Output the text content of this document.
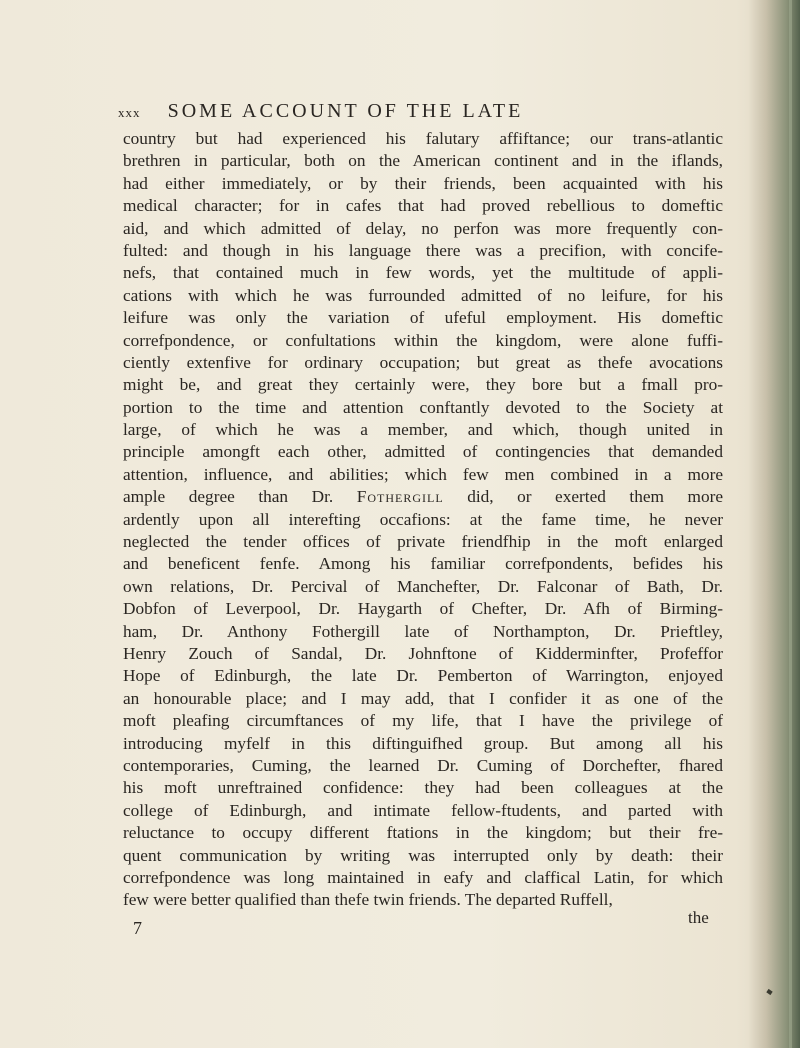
xxx SOME ACCOUNT OF THE LATE
country but had experienced his falutary affiftance; our trans-atlantic
brethren in particular, both on the American continent and in the iflands,
had either immediately, or by their friends, been acquainted with his
medical character; for in cafes that had proved rebellious to domeftic
aid, and which admitted of delay, no perfon was more frequently con-
fulted: and though in his language there was a precifion, with concife-
nefs, that contained much in few words, yet the multitude of appli-
cations with which he was furrounded admitted of no leifure, for his
leifure was only the variation of ufeful employment. His domeftic
correfpondence, or confultations within the kingdom, were alone fuffi-
ciently extenfive for ordinary occupation; but great as thefe avocations
might be, and great they certainly were, they bore but a fmall pro-
portion to the time and attention conftantly devoted to the Society at
large, of which he was a member, and which, though united in
principle amongft each other, admitted of contingencies that demanded
attention, influence, and abilities; which few men combined in a more
ample degree than Dr. Fothergill did, or exerted them more
ardently upon all interefting occafions: at the fame time, he never
neglected the tender offices of private friendfhip in the moft enlarged
and beneficent fenfe. Among his familiar correfpondents, befides his
own relations, Dr. Percival of Manchefter, Dr. Falconar of Bath, Dr.
Dobfon of Leverpool, Dr. Haygarth of Chefter, Dr. Afh of Birming-
ham, Dr. Anthony Fothergill late of Northampton, Dr. Prieftley,
Henry Zouch of Sandal, Dr. Johnftone of Kidderminfter, Profeffor
Hope of Edinburgh, the late Dr. Pemberton of Warrington, enjoyed
an honourable place; and I may add, that I confider it as one of the
moft pleafing circumftances of my life, that I have the privilege of
introducing myfelf in this diftinguifhed group. But among all his
contemporaries, Cuming, the learned Dr. Cuming of Dorchefter, fhared
his moft unreftrained confidence: they had been colleagues at the
college of Edinburgh, and intimate fellow-ftudents, and parted with
reluctance to occupy different ftations in the kingdom; but their fre-
quent communication by writing was interrupted only by death: their
correfpondence was long maintained in eafy and claffical Latin, for which
few were better qualified than thefe twin friends. The departed Ruffell,
the
7
